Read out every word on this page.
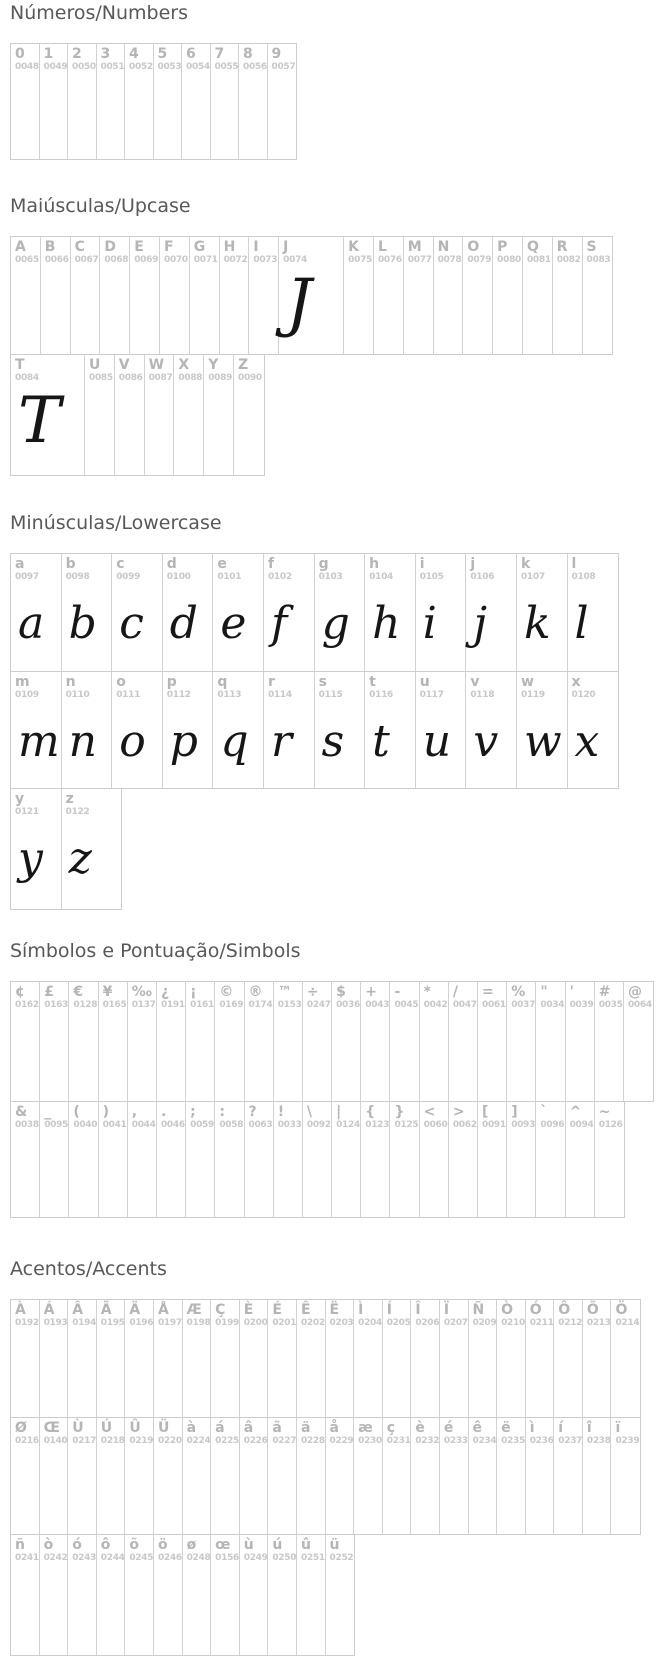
Números/Numbers
0
0048
1
0049
2
0050
3
0051
4
0052
5
0053
6
0054
7
0055
8
0056
9
0057
Maiúsculas/Upcase
A
0065
B
0066
C
0067
D
0068
E
0069
F
0070
G
0071
H
0072
I
0073
J
0074
J
K
0075
L
0076
M
0077
N
0078
O
0079
P
0080
Q
0081
R
0082
S
0083
T
0084
T
U
0085
V
0086
W
0087
X
0088
Y
0089
Z
0090
Minúsculas/Lowercase
a
0097
a
b
0098
b
c
0099
c
d
0100
d
e
0101
e
f
0102
f
g
0103
g
h
0104
h
i
0105
i
j
0106
j
k
0107
k
l
0108
l
m
0109
m
n
0110
n
o
0111
o
p
0112
p
q
0113
q
r
0114
r
s
0115
s
t
0116
t
u
0117
u
v
0118
v
w
0119
w
x
0120
x
y
0121
y
z
0122
z
Símbolos e Pontuação/Simbols
¢
0162
£
0163
€
0128
¥
0165
‰
0137
¿
0191
¡
0161
©
0169
®
0174
™
0153
÷
0247
$
0036
+
0043
-
0045
*
0042
/
0047
=
0061
%
0037
"
0034
'
0039
#
0035
@
0064
&
0038
_
0095
(
0040
)
0041
,
0044
.
0046
;
0059
:
0058
?
0063
!
0033
\
0092
|
0124
{
0123
}
0125
<
0060
>
0062
[
0091
]
0093
`
0096
^
0094
~
0126
Acentos/Accents
À
0192
Á
0193
Â
0194
Ã
0195
Ä
0196
Å
0197
Æ
0198
Ç
0199
È
0200
É
0201
Ê
0202
Ë
0203
Ì
0204
Í
0205
Î
0206
Ï
0207
Ñ
0209
Ò
0210
Ó
0211
Ô
0212
Õ
0213
Ö
0214
Ø
0216
Œ
0140
Ù
0217
Ú
0218
Û
0219
Ü
0220
à
0224
á
0225
â
0226
ã
0227
ä
0228
å
0229
æ
0230
ç
0231
è
0232
é
0233
ê
0234
ë
0235
ì
0236
í
0237
î
0238
ï
0239
ñ
0241
ò
0242
ó
0243
ô
0244
õ
0245
ö
0246
ø
0248
œ
0156
ù
0249
ú
0250
û
0251
ü
0252
